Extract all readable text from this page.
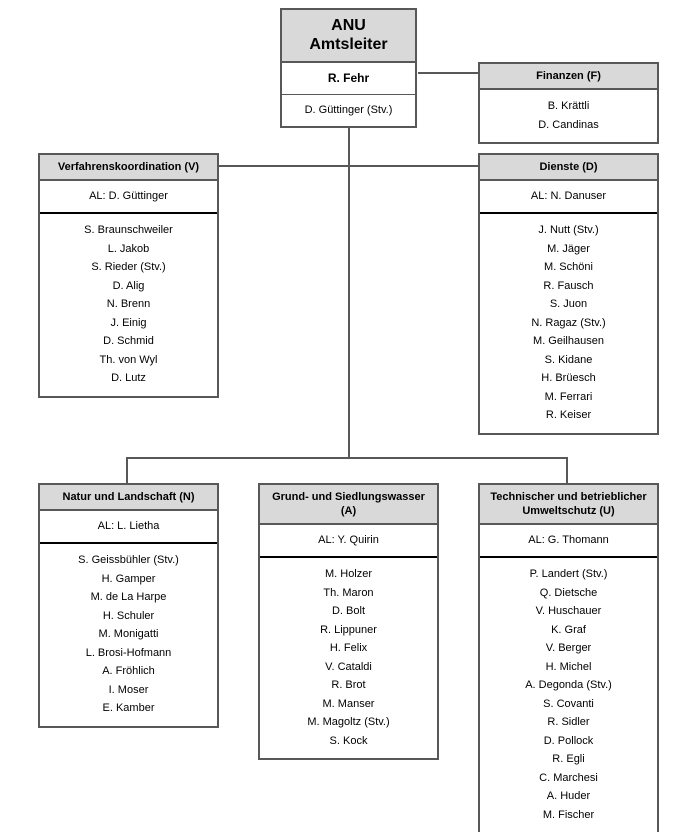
ANU
Amtsleiter
R. Fehr
D. Güttinger (Stv.)
Finanzen (F)
B. Krättli
D. Candinas
Verfahrenskoordination (V)
AL: D. Güttinger
S. Braunschweiler
L. Jakob
S. Rieder (Stv.)
D. Alig
N. Brenn
J. Einig
D. Schmid
Th. von Wyl
D. Lutz
Dienste (D)
AL: N. Danuser
J. Nutt (Stv.)
M. Jäger
M. Schöni
R. Fausch
S. Juon
N. Ragaz (Stv.)
M. Geilhausen
S. Kidane
H. Brüesch
M. Ferrari
R. Keiser
Natur und Landschaft (N)
AL: L. Lietha
S. Geissbühler (Stv.)
H. Gamper
M. de La Harpe
H. Schuler
M. Monigatti
L. Brosi-Hofmann
A. Fröhlich
I. Moser
E. Kamber
Grund- und Siedlungswasser (A)
AL: Y. Quirin
M. Holzer
Th. Maron
D. Bolt
R. Lippuner
H. Felix
V. Cataldi
R. Brot
M. Manser
M. Magoltz (Stv.)
S. Kock
Technischer und betrieblicher
Umweltschutz (U)
AL: G. Thomann
P. Landert (Stv.)
Q. Dietsche
V. Huschauer
K. Graf
V. Berger
H. Michel
A. Degonda (Stv.)
S. Covanti
R. Sidler
D. Pollock
R. Egli
C. Marchesi
A. Huder
M. Fischer
